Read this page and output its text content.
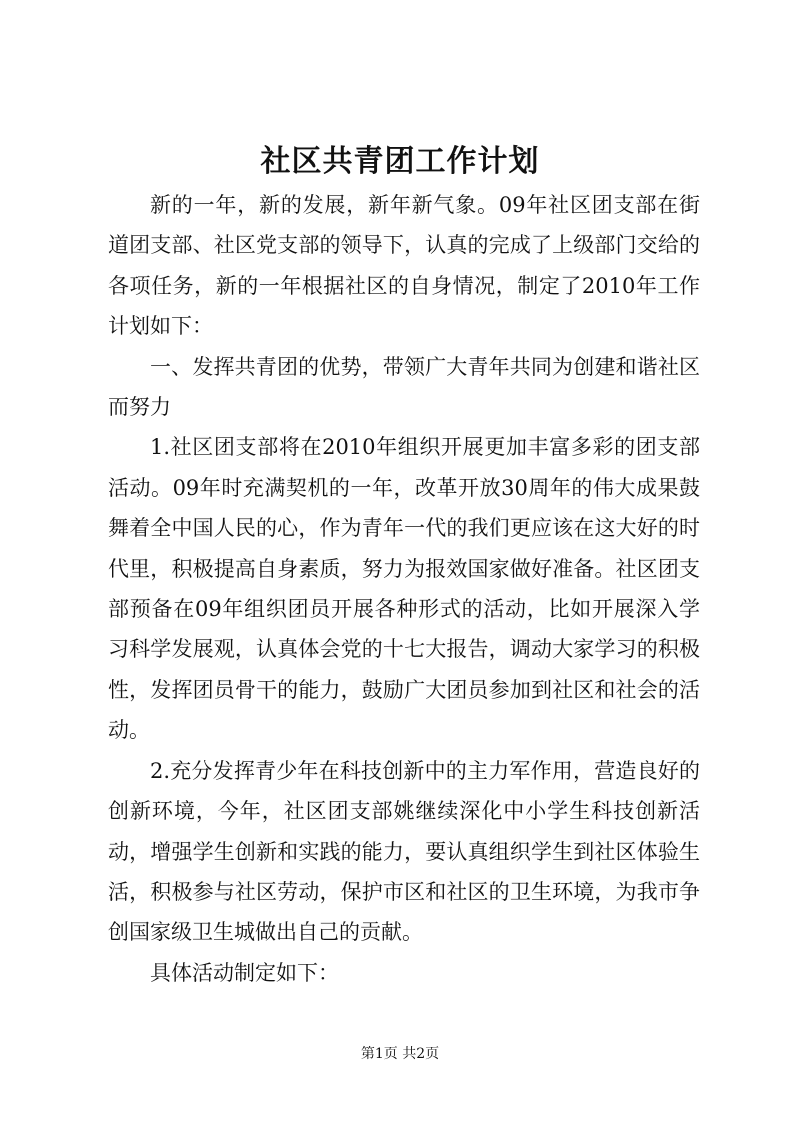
社区共青团工作计划

新的一年，新的发展，新年新气象。09年社区团支部在街道团支部、社区党支部的领导下，认真的完成了上级部门交给的各项任务，新的一年根据社区的自身情况，制定了2010年工作计划如下：

一、发挥共青团的优势，带领广大青年共同为创建和谐社区而努力

1.社区团支部将在2010年组织开展更加丰富多彩的团支部活动。09年时充满契机的一年，改革开放30周年的伟大成果鼓舞着全中国人民的心，作为青年一代的我们更应该在这大好的时代里，积极提高自身素质，努力为报效国家做好准备。社区团支部预备在09年组织团员开展各种形式的活动，比如开展深入学习科学发展观，认真体会党的十七大报告，调动大家学习的积极性，发挥团员骨干的能力，鼓励广大团员参加到社区和社会的活动。

2.充分发挥青少年在科技创新中的主力军作用，营造良好的创新环境，今年，社区团支部姚继续深化中小学生科技创新活动，增强学生创新和实践的能力，要认真组织学生到社区体验生活，积极参与社区劳动，保护市区和社区的卫生环境，为我市争创国家级卫生城做出自己的贡献。

具体活动制定如下：

第1页 共2页
